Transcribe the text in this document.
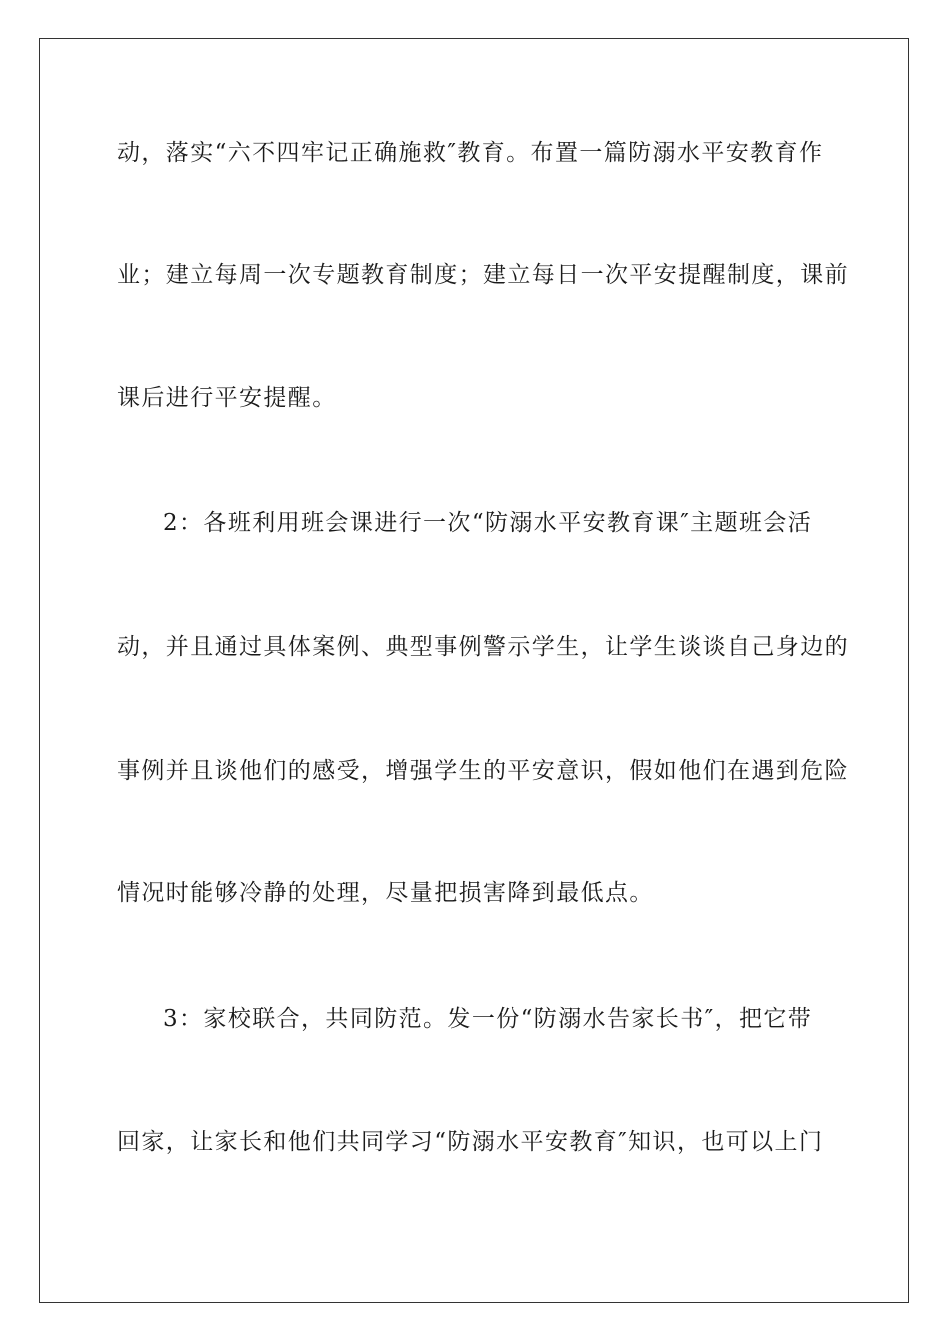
动，落实“六不四牢记正确施救″教育。布置一篇防溺水平安教育作
业；建立每周一次专题教育制度；建立每日一次平安提醒制度，课前
课后进行平安提醒。
2：各班利用班会课进行一次“防溺水平安教育课″主题班会活
动，并且通过具体案例、典型事例警示学生，让学生谈谈自己身边的
事例并且谈他们的感受，增强学生的平安意识，假如他们在遇到危险
情况时能够冷静的处理，尽量把损害降到最低点。
3：家校联合，共同防范。发一份“防溺水告家长书″，把它带
回家，让家长和他们共同学习“防溺水平安教育″知识，也可以上门
